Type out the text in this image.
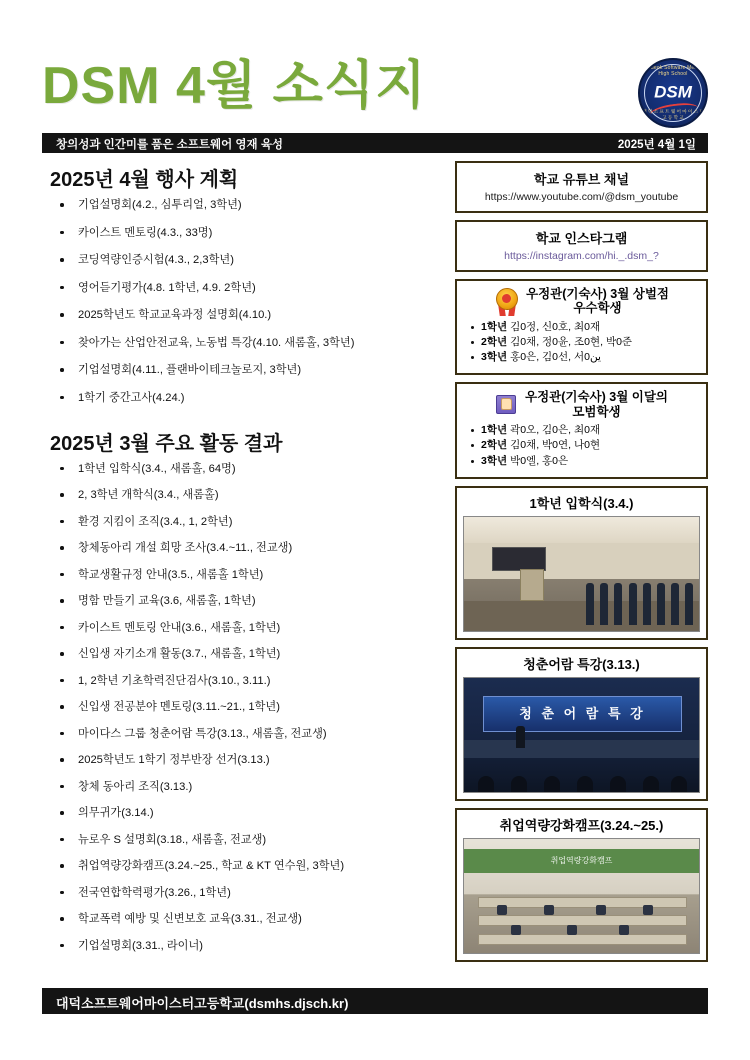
DSM 4월 소식지	Daedeok Software Meister High School
DSM
대 덕 소 프 트 웨 어 마 이 스 터 고 등 학 교
창의성과 인간미를 품은 소프트웨어 영재 육성	2025년 4월 1일
2025년 4월 행사 계획
기업설명회(4.2., 심투리얼, 3학년)
카이스트 멘토링(4.3., 33명)
코딩역량인증시험(4.3., 2,3학년)
영어듣기평가(4.8. 1학년, 4.9. 2학년)
2025학년도 학교교육과정 설명회(4.10.)
찾아가는 산업안전교육, 노동법 특강(4.10. 새롬홀, 3학년)
기업설명회(4.11., 플랜바이테크놀로지, 3학년)
1학기 중간고사(4.24.)
2025년 3월 주요 활동 결과
1학년 입학식(3.4., 새롬홀, 64명)
2, 3학년 개학식(3.4., 새롬홀)
환경 지킴이 조직(3.4., 1, 2학년)
창체동아리 개설 희망 조사(3.4.~11., 전교생)
학교생활규정 안내(3.5., 새롬홀 1학년)
명함 만들기 교육(3.6, 새롬홀, 1학년)
카이스트 멘토링 안내(3.6., 새롬홀, 1학년)
신입생 자기소개 활동(3.7., 새롬홀, 1학년)
1, 2학년 기초학력진단검사(3.10., 3.11.)
신입생 전공분야 멘토링(3.11.~21., 1학년)
마이다스 그룹 청춘어람 특강(3.13., 새롬홀, 전교생)
2025학년도 1학기 정부반장 선거(3.13.)
창체 동아리 조직(3.13.)
의무귀가(3.14.)
뉴로우 S 설명회(3.18., 새롬홀, 전교생)
취업역량강화캠프(3.24.~25., 학교 & KT 연수원, 3학년)
전국연합학력평가(3.26., 1학년)
학교폭력 예방 및 신변보호 교육(3.31., 전교생)
기업설명회(3.31., 라이너)
학교 유튜브 채널
https://www.youtube.com/@dsm_youtube
학교 인스타그램
https://instagram.com/hi._.dsm_?
우정관(기숙사) 3월 상벌점
우수학생
1학년 김0정, 신0호, 최0재
2학년 김0채, 정0윤, 조0현, 박0준
3학년 홍0은, 김0선, 서0ین
우정관(기숙사) 3월 이달의
모범학생
1학년 곽0오, 김0은, 최0재
2학년 김0채, 박0연, 나0현
3학년 박0엘, 홍0은
1학년 입학식(3.4.)
청춘어람 특강(3.13.)
청 춘 어 람 특 강
취업역량강화캠프(3.24.~25.)
취업역량강화캠프
대덕소프트웨어마이스터고등학교(dsmhs.djsch.kr)
